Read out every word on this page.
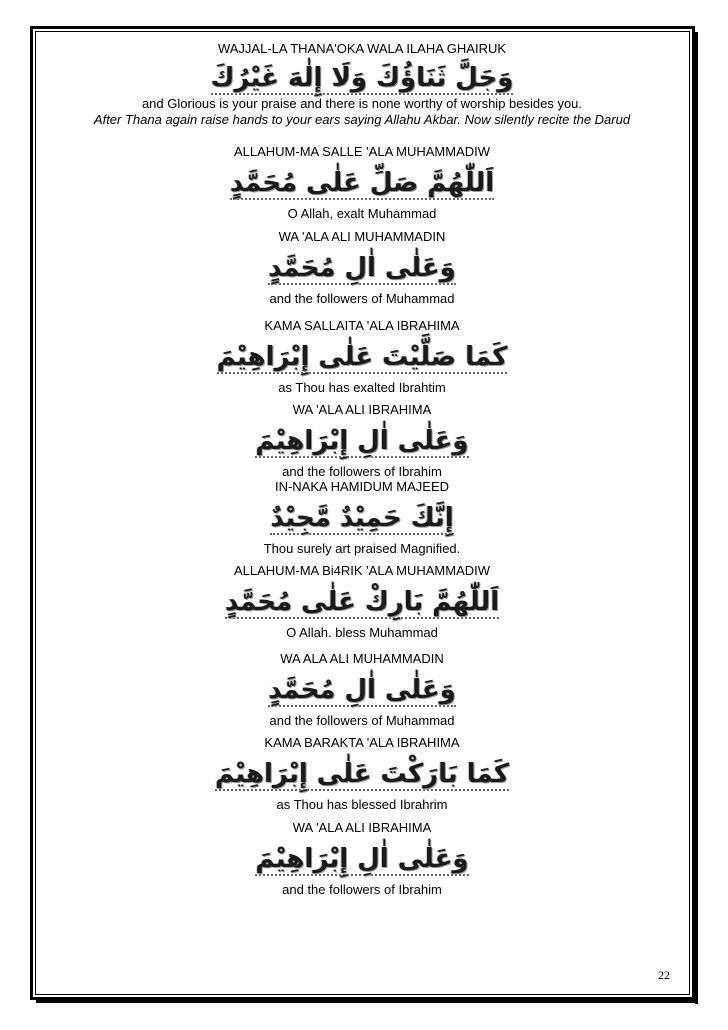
WAJJAL-LA THANA'OKA WALA ILAHA GHAIRUK
وَجَلَّ ثَنَاؤُكَ وَلَا إِلٰهَ غَيْرُكَ
and Glorious is your praise and there is none worthy of worship besides you.
After Thana again raise hands to your ears saying Allahu Akbar. Now silently recite the Darud
ALLAHUM-MA SALLE 'ALA MUHAMMADIW
اَللّٰهُمَّ صَلِّ عَلٰى مُحَمَّدٍ
O Allah, exalt Muhammad
WA 'ALA ALI MUHAMMADIN
وَعَلٰى اٰلِ مُحَمَّدٍ
and the followers of Muhammad
KAMA SALLAITA 'ALA IBRAHIMA
كَمَا صَلَّيْتَ عَلٰى إِبْرَاهِيْمَ
as Thou has exalted Ibrahtim
WA 'ALA ALI IBRAHIMA
وَعَلٰى اٰلِ إِبْرَاهِيْمَ
and the followers of Ibrahim
IN-NAKA HAMIDUM MAJEED
إِنَّكَ حَمِيْدٌ مَّجِيْدٌ
Thou surely art praised Magnified.
ALLAHUM-MA Bi4RIK 'ALA MUHAMMADIW
اَللّٰهُمَّ بَارِكْ عَلٰى مُحَمَّدٍ
O Allah. bless Muhammad
WA ALA ALI MUHAMMADIN
وَعَلٰى اٰلِ مُحَمَّدٍ
and the followers of Muhammad
KAMA BARAKTA 'ALA IBRAHIMA
كَمَا بَارَكْتَ عَلٰى إِبْرَاهِيْمَ
as Thou has blessed Ibrahrim
WA 'ALA ALI IBRAHIMA
وَعَلٰى اٰلِ إِبْرَاهِيْمَ
and the followers of Ibrahim
22
